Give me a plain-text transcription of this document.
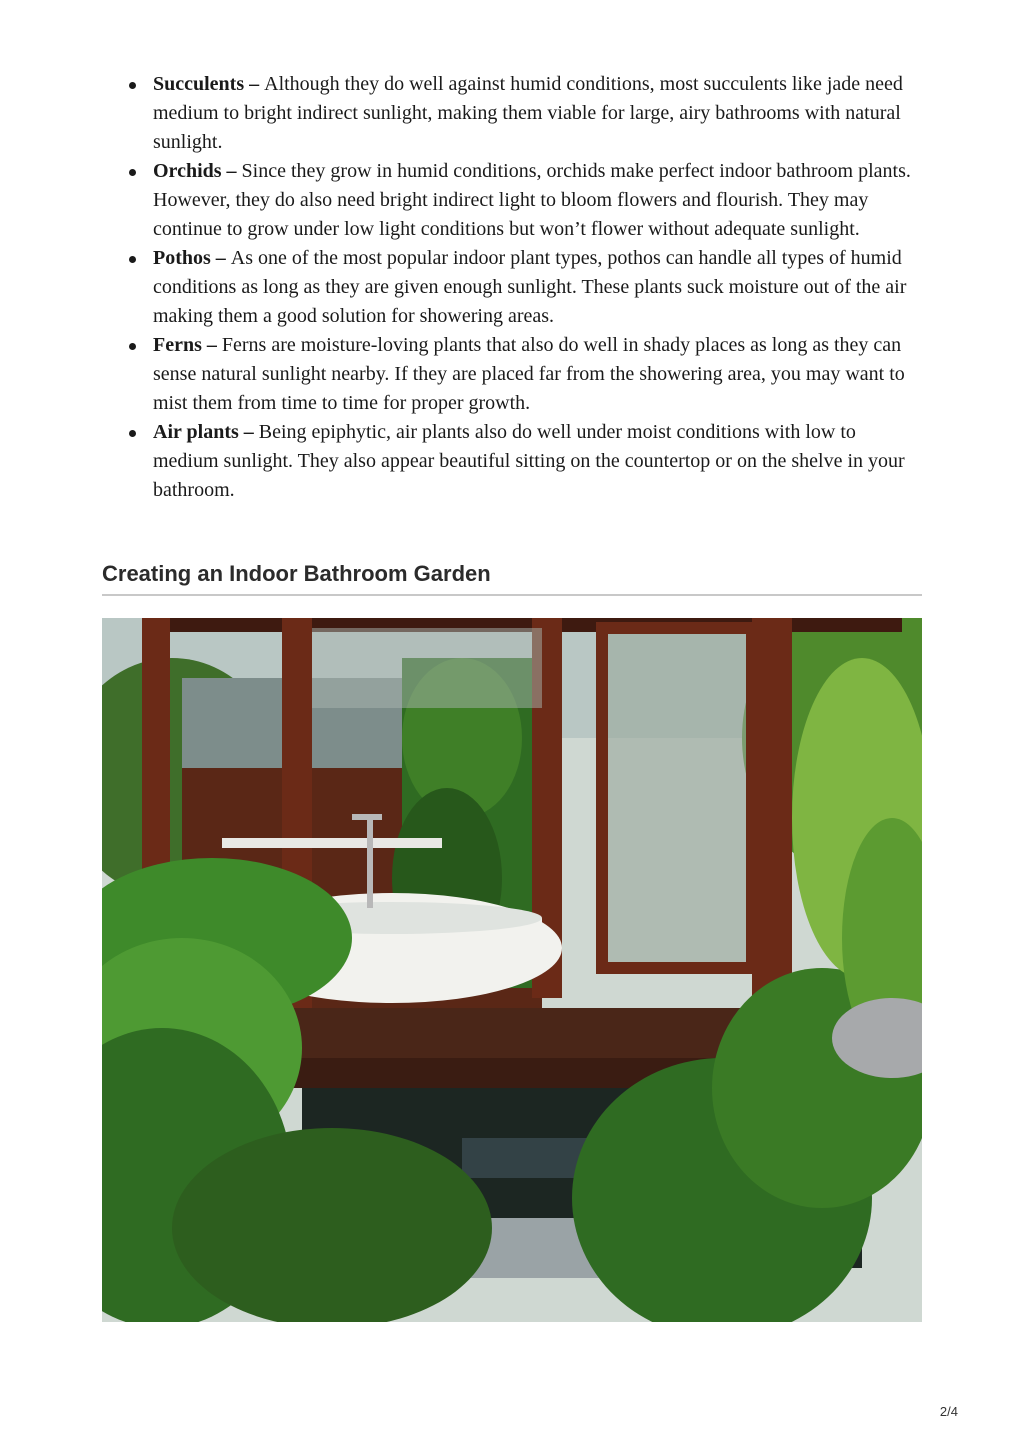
Succulents – Although they do well against humid conditions, most succulents like jade need medium to bright indirect sunlight, making them viable for large, airy bathrooms with natural sunlight.
Orchids – Since they grow in humid conditions, orchids make perfect indoor bathroom plants. However, they do also need bright indirect light to bloom flowers and flourish. They may continue to grow under low light conditions but won’t flower without adequate sunlight.
Pothos – As one of the most popular indoor plant types, pothos can handle all types of humid conditions as long as they are given enough sunlight. These plants suck moisture out of the air making them a good solution for showering areas.
Ferns – Ferns are moisture-loving plants that also do well in shady places as long as they can sense natural sunlight nearby. If they are placed far from the showering area, you may want to mist them from time to time for proper growth.
Air plants – Being epiphytic, air plants also do well under moist conditions with low to medium sunlight. They also appear beautiful sitting on the countertop or on the shelve in your bathroom.
Creating an Indoor Bathroom Garden
2/4
